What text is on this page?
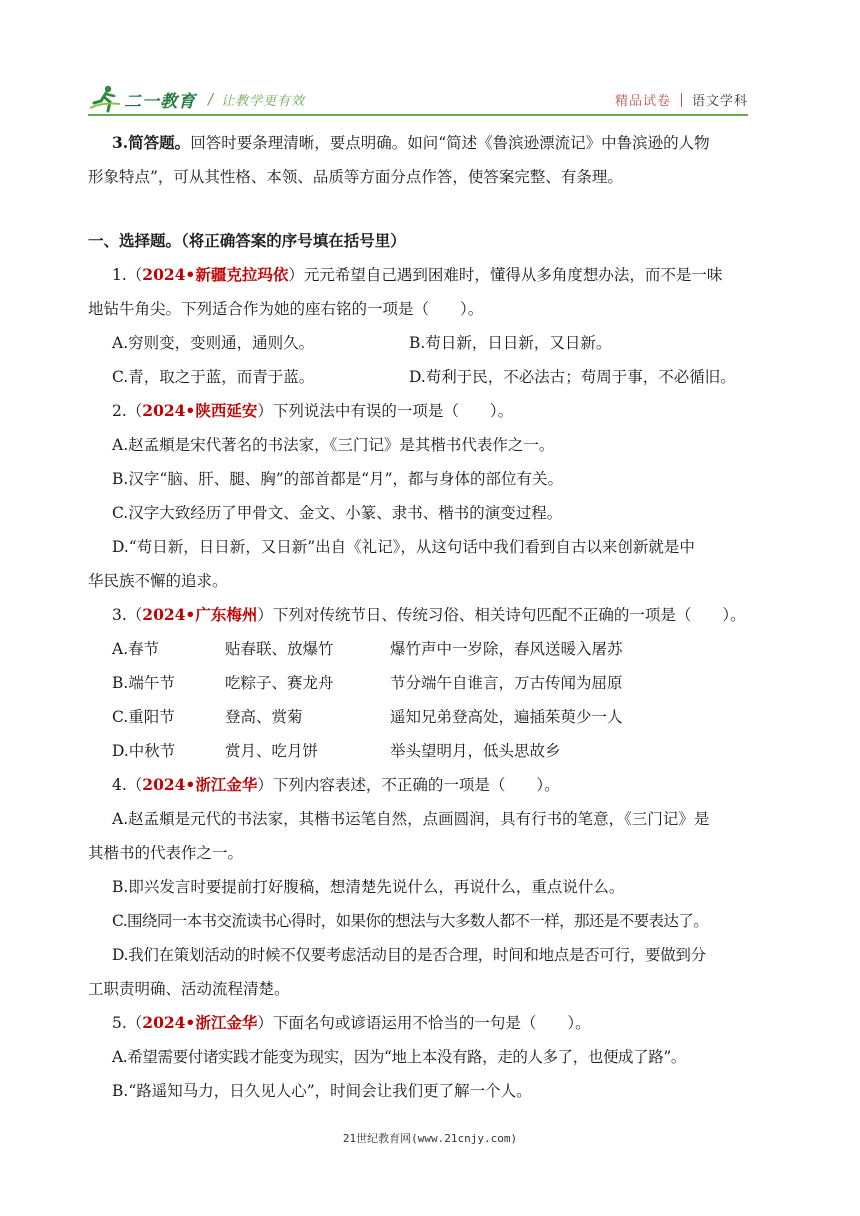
二一教育 / 让教学更有效	精品试卷 语文学科
3.简答题。回答时要条理清晰，要点明确。如问“简述《鲁滨逊漂流记》中鲁滨逊的人物
形象特点”，可从其性格、本领、品质等方面分点作答，使答案完整、有条理。
一、选择题。（将正确答案的序号填在括号里）
1.（2024•新疆克拉玛依）元元希望自己遇到困难时，懂得从多角度想办法，而不是一味
地钻牛角尖。下列适合作为她的座右铭的一项是（　　）。
A.穷则变，变则通，通则久。	B.苟日新，日日新，又日新。
C.青，取之于蓝，而青于蓝。	D.苟利于民，不必法古；苟周于事，不必循旧。
2.（2024•陕西延安）下列说法中有误的一项是（　　）。
A.赵孟頫是宋代著名的书法家，《三门记》是其楷书代表作之一。
B.汉字“脑、肝、腿、胸”的部首都是“月”，都与身体的部位有关。
C.汉字大致经历了甲骨文、金文、小篆、隶书、楷书的演变过程。
D.“苟日新，日日新，又日新”出自《礼记》，从这句话中我们看到自古以来创新就是中
华民族不懈的追求。
3.（2024•广东梅州）下列对传统节日、传统习俗、相关诗句匹配不正确的一项是（　　）。
A.春节	贴春联、放爆竹	爆竹声中一岁除，春风送暖入屠苏
B.端午节	吃粽子、赛龙舟	节分端午自谁言，万古传闻为屈原
C.重阳节	登高、赏菊	遥知兄弟登高处，遍插茱萸少一人
D.中秋节	赏月、吃月饼	举头望明月，低头思故乡
4.（2024•浙江金华）下列内容表述，不正确的一项是（　　）。
A.赵孟頫是元代的书法家，其楷书运笔自然，点画圆润，具有行书的笔意，《三门记》是
其楷书的代表作之一。
B.即兴发言时要提前打好腹稿，想清楚先说什么，再说什么，重点说什么。
C.围绕同一本书交流读书心得时，如果你的想法与大多数人都不一样，那还是不要表达了。
D.我们在策划活动的时候不仅要考虑活动目的是否合理，时间和地点是否可行，要做到分
工职责明确、活动流程清楚。
5.（2024•浙江金华）下面名句或谚语运用不恰当的一句是（　　）。
A.希望需要付诸实践才能变为现实，因为“地上本没有路，走的人多了，也便成了路”。
B.“路遥知马力，日久见人心”，时间会让我们更了解一个人。
21世纪教育网(www.21cnjy.com)
